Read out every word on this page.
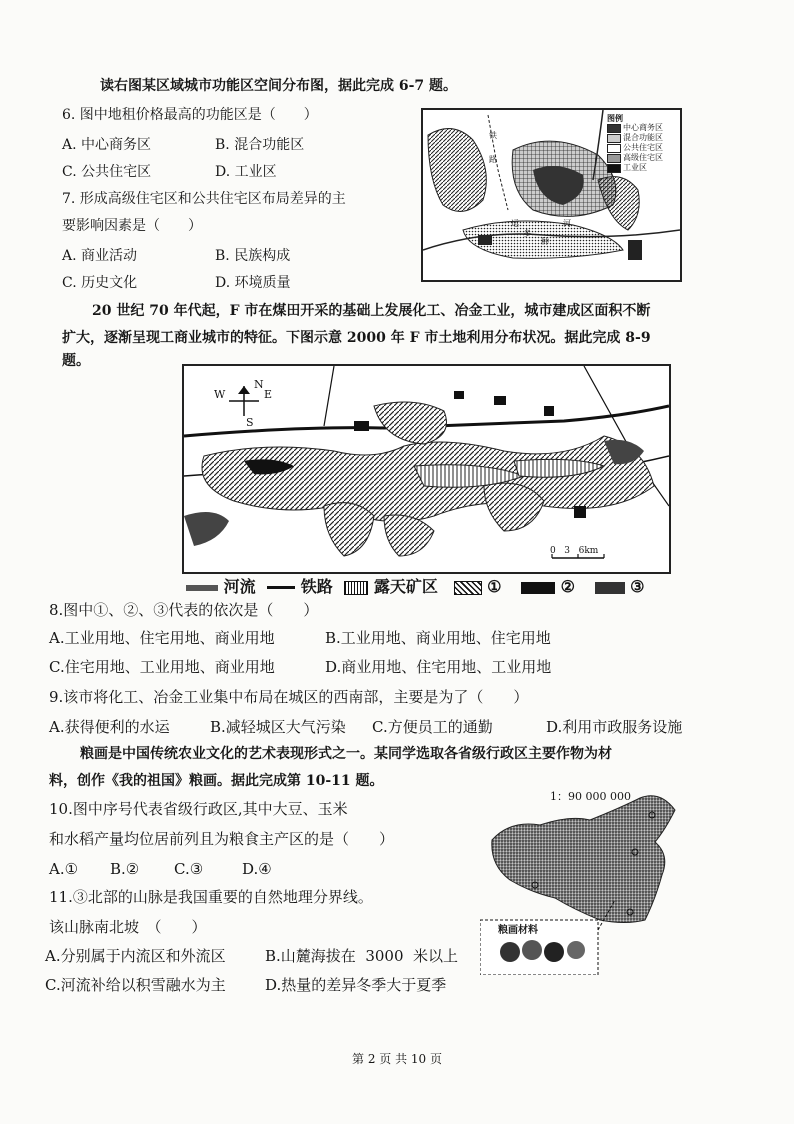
读右图某区域城市功能区空间分布图，据此完成 6-7 题。
6. 图中地租价格最高的功能区是（　　）
A. 中心商务区	B. 混合功能区
C. 公共住宅区	D. 工业区
7. 形成高级住宅区和公共住宅区布局差异的主
要影响因素是（　　）
A. 商业活动	B. 民族构成
C. 历史文化	D. 环境质量
铁
路
运	河
多
种
图例
中心商务区
混合功能区
公共住宅区
高级住宅区
工业区
20 世纪 70 年代起，F 市在煤田开采的基础上发展化工、冶金工业，城市建成区面积不断
扩大，逐渐呈现工商业城市的特征。下图示意 2000 年 F 市土地利用分布状况。据此完成 8-9
题。
N
S
W	E
0   3   6km
河流	铁路	露天矿区	①	②	③
8.图中①、②、③代表的依次是（　　）
A.工业用地、住宅用地、商业用地	B.工业用地、商业用地、住宅用地
C.住宅用地、工业用地、商业用地	D.商业用地、住宅用地、工业用地
9.该市将化工、冶金工业集中布局在城区的西南部，主要是为了（　　）
A.获得便利的水运	B.减轻城区大气污染 C.方便员工的通勤	D.利用市政服务设施
粮画是中国传统农业文化的艺术表现形式之一。某同学选取各省级行政区主要作物为材
料，创作《我的祖国》粮画。据此完成第 10-11 题。
10.图中序号代表省级行政区,其中大豆、玉米
和水稻产量均位居前列且为粮食主产区的是（　　）
A.① B.② C.③	D.④
11.③北部的山脉是我国重要的自然地理分界线。
该山脉南北坡　（　　）
A.分别属于内流区和外流区	B.山麓海拔在  3000  米以上
C.河流补给以积雪融水为主	D.热量的差异冬季大于夏季
1：90 000 000
粮画材料
第 2 页 共 10 页
